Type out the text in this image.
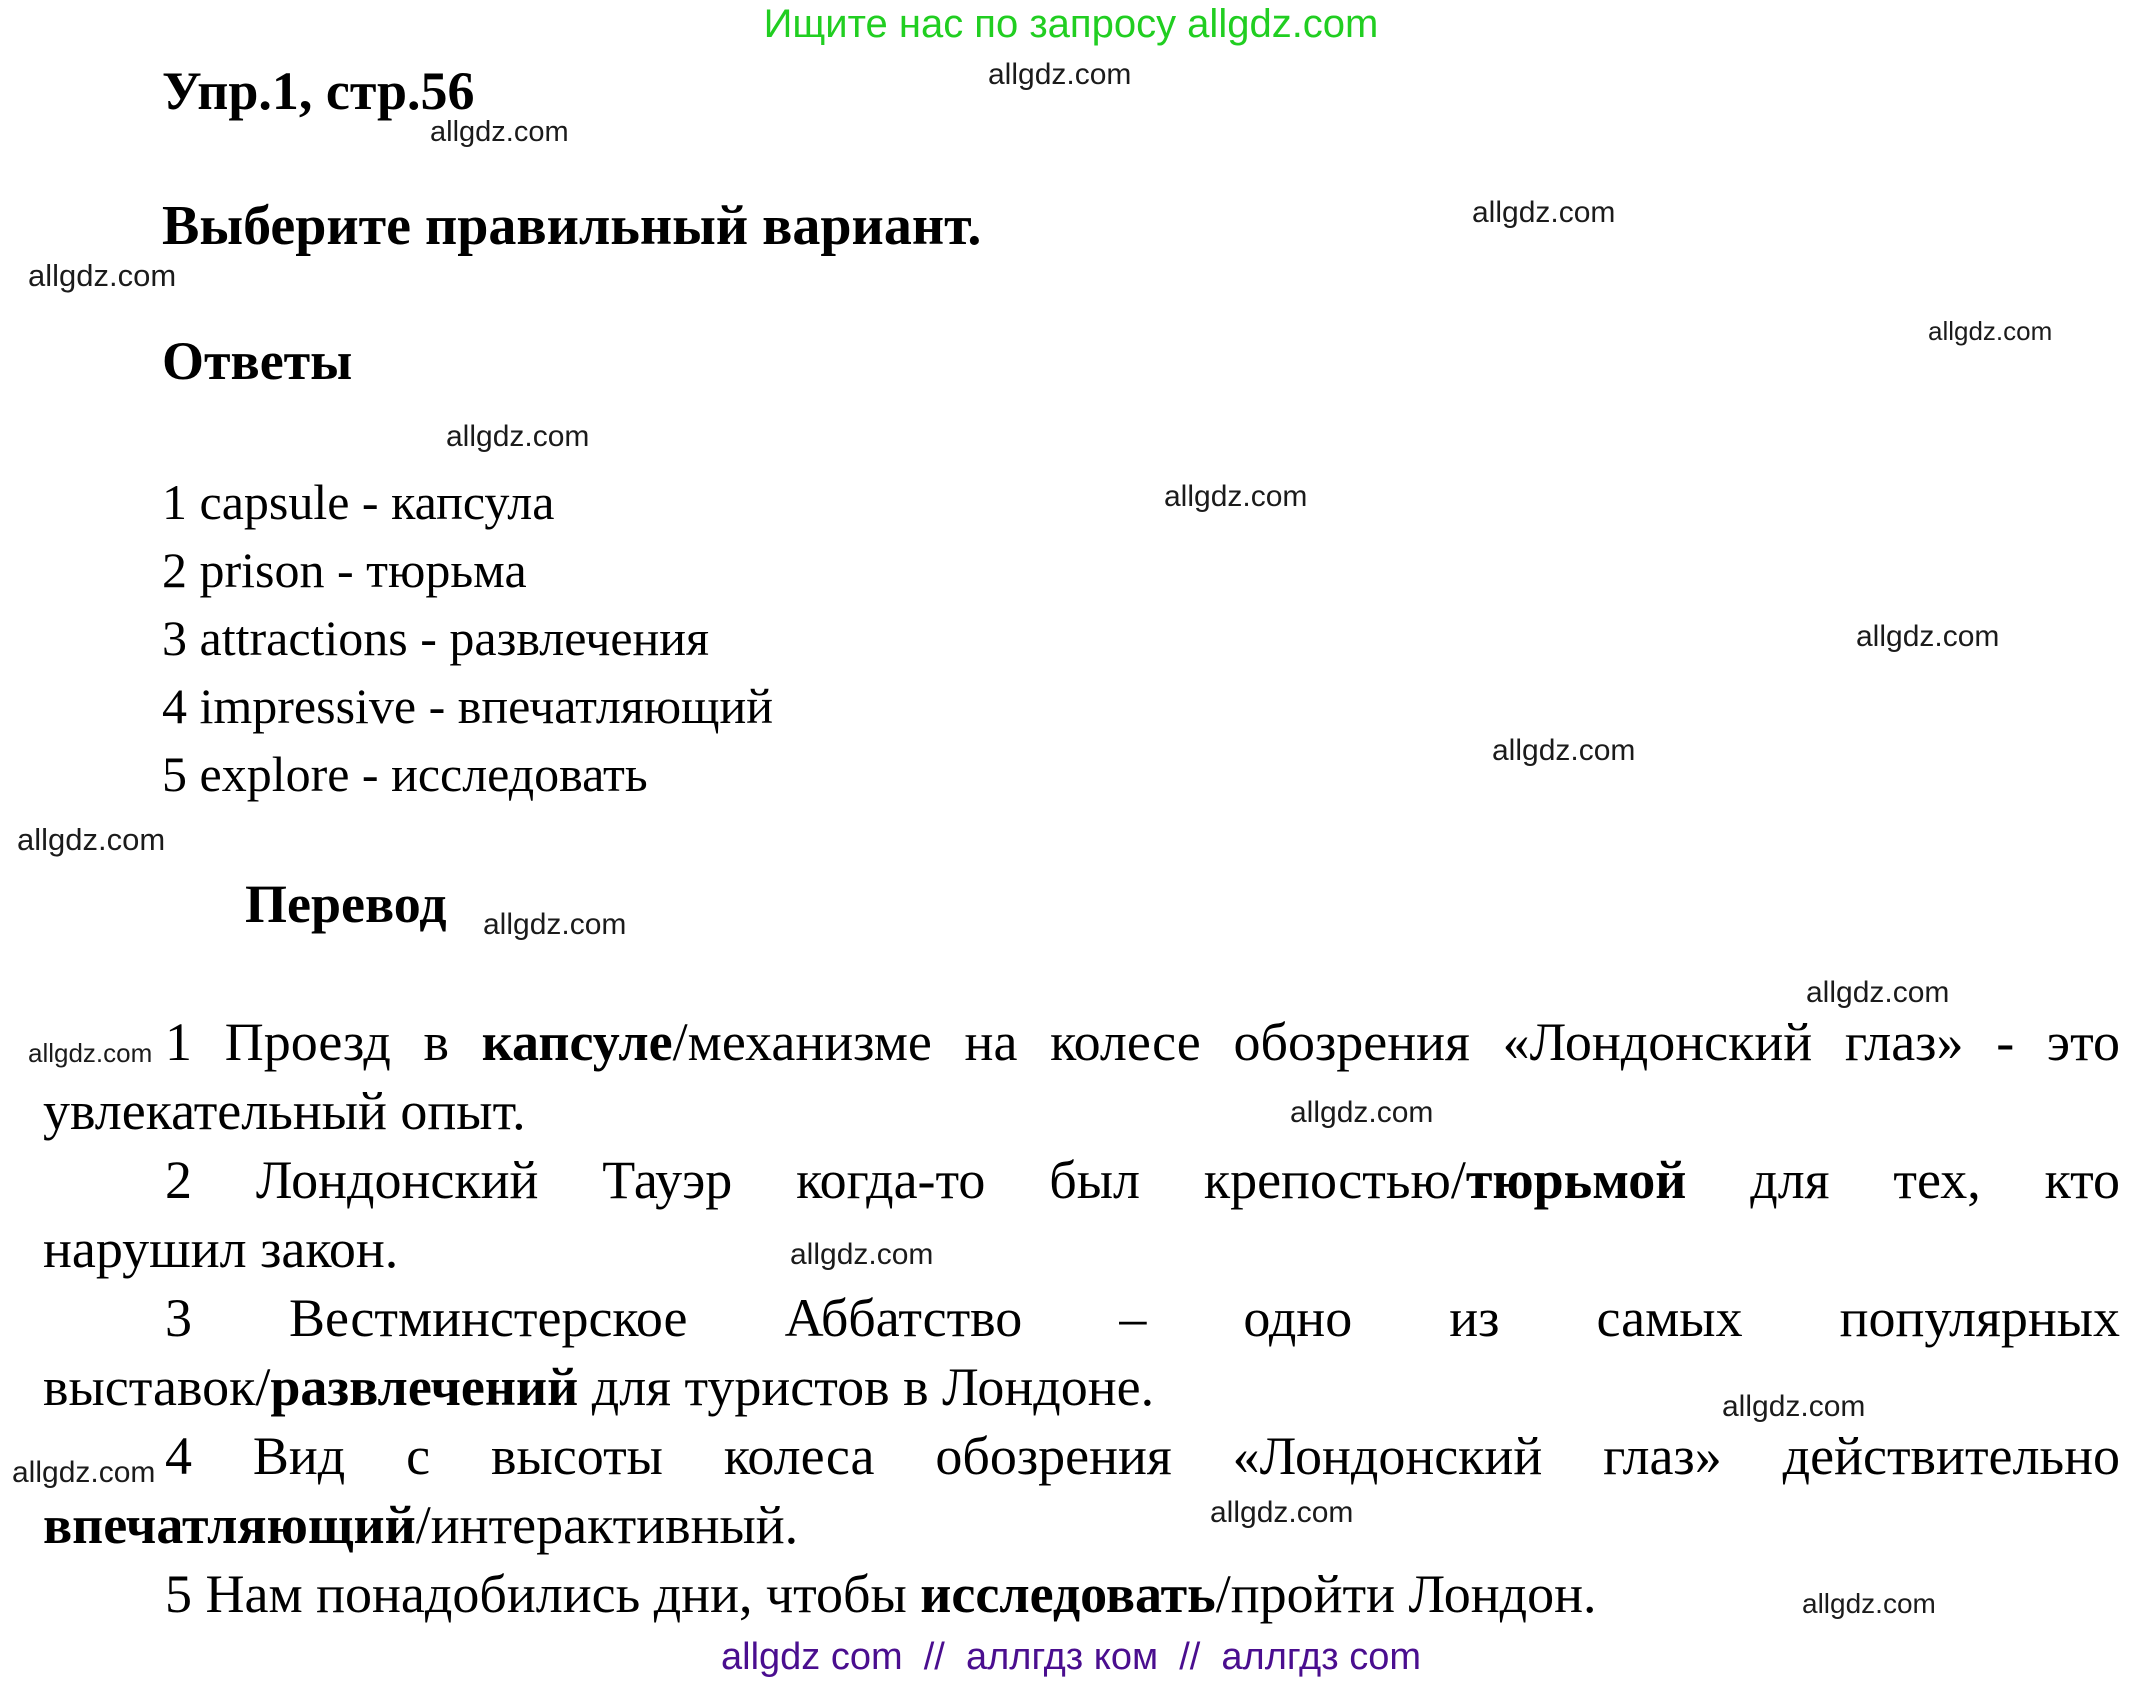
Ищите нас по запросу allgdz.com
Упр.1, стр.56
Выберите правильный вариант.
Ответы
1 capsule - капсула
2 prison - тюрьма
3 attractions - развлечения
4 impressive - впечатляющий
5 explore - исследовать
Перевод
1 Проезд в капсуле/механизме на колесе обозрения «Лондонский глаз» - это
увлекательный опыт.
2 Лондонский Тауэр когда-то был крепостью/тюрьмой для тех, кто
нарушил закон.
3 Вестминстерское Аббатство – одно из самых популярных
выставок/развлечений для туристов в Лондоне.
4 Вид с высоты колеса обозрения «Лондонский глаз» действительно
впечатляющий/интерактивный.
5 Нам понадобились дни, чтобы исследовать/пройти Лондон.
allgdz.com
allgdz.com
allgdz.com
allgdz.com
allgdz.com
allgdz.com
allgdz.com
allgdz.com
allgdz.com
allgdz.com
allgdz.com
allgdz.com
allgdz.com
allgdz.com
allgdz.com
allgdz.com
allgdz.com
allgdz.com
allgdz.com
allgdz com  //  аллгдз ком  //  аллгдз com
